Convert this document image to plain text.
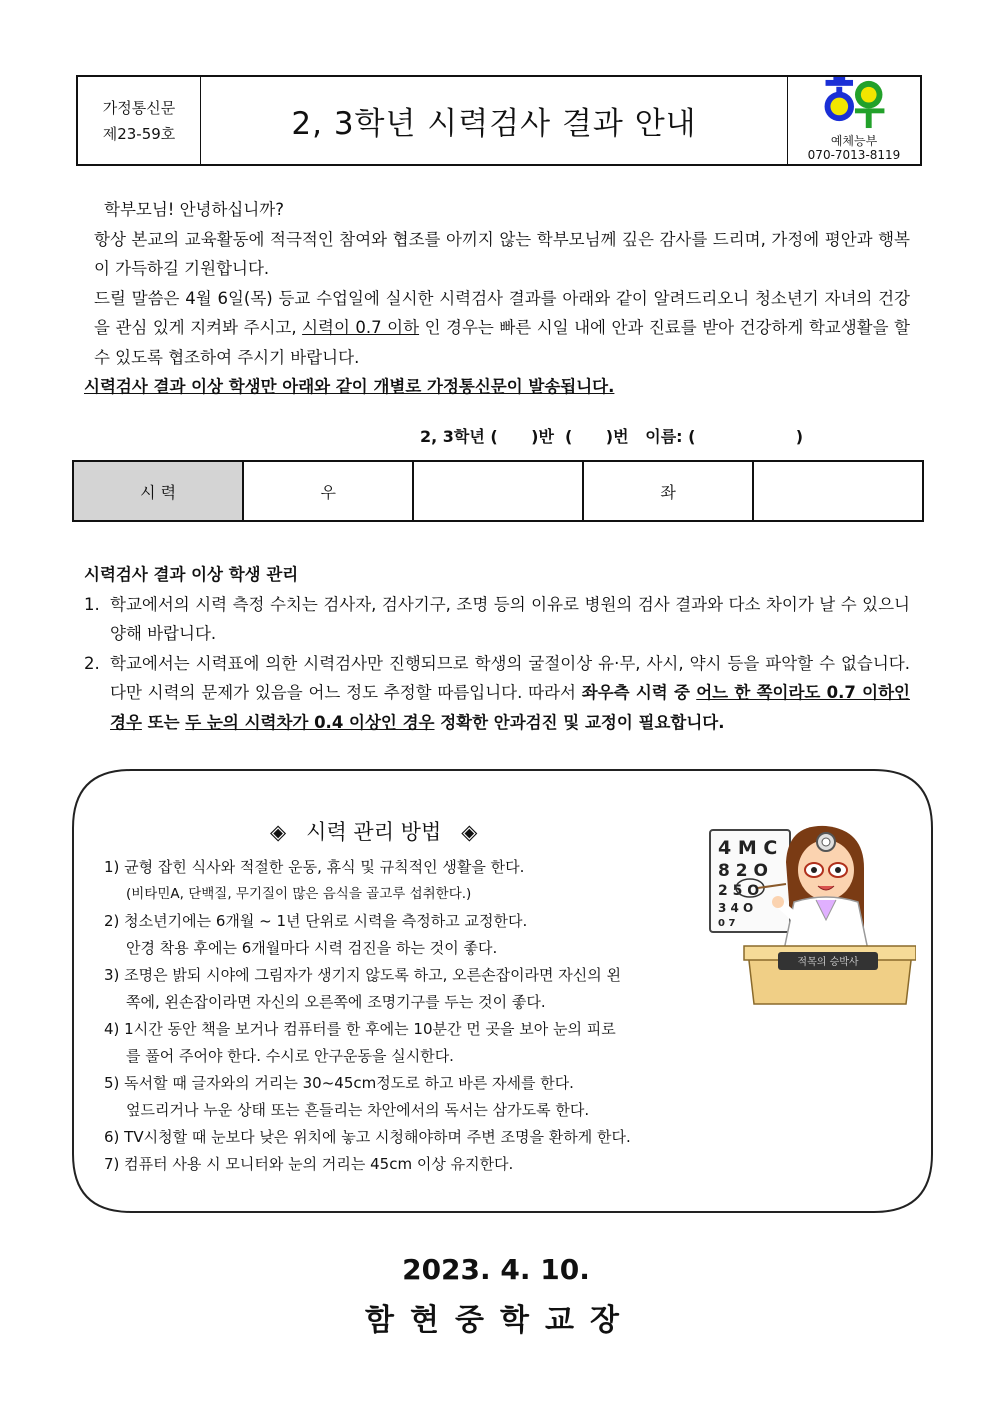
가정통신문
제23-59호	2, 3학년 시력검사 결과 안내	예체능부
070-7013-8119

학부모님! 안녕하십니까?

항상 본교의 교육활동에 적극적인 참여와 협조를 아끼지 않는 학부모님께 깊은 감사를 드리며, 가정에 평안과 행복이 가득하길 기원합니다.

드릴 말씀은 4월 6일(목) 등교 수업일에 실시한 시력검사 결과를 아래와 같이 알려드리오니 청소년기 자녀의 건강을 관심 있게 지켜봐 주시고, 시력이 0.7 이하 인 경우는 빠른 시일 내에 안과 진료를 받아 건강하게 학교생활을 할 수 있도록 협조하여 주시기 바랍니다.

시력검사 결과 이상 학생만 아래와 같이 개별로 가정통신문이 발송됩니다.

2, 3학년 (      )반  (      )번   이름: (                  )
시 력	우		좌	
시력검사 결과 이상 학생 관리
1. 학교에서의 시력 측정 수치는 검사자, 검사기구, 조명 등의 이유로 병원의 검사 결과와 다소 차이가 날 수 있으니 양해 바랍니다.
2. 학교에서는 시력표에 의한 시력검사만 진행되므로 학생의 굴절이상 유·무, 사시, 약시 등을 파악할 수 없습니다. 다만 시력의 문제가 있음을 어느 정도 추정할 따름입니다. 따라서 좌우측 시력 중 어느 한 쪽이라도 0.7 이하인 경우 또는 두 눈의 시력차가 0.4 이상인 경우 정확한 안과검진 및 교정이 필요합니다.
◈   시력 관리 방법   ◈

1) 균형 잡힌 식사와 적절한 운동, 휴식 및 규칙적인 생활을 한다.

(비타민A, 단백질, 무기질이 많은 음식을 골고루 섭취한다.)

2) 청소년기에는 6개월 ~ 1년 단위로 시력을 측정하고 교정한다.

안경 착용 후에는 6개월마다 시력 검진을 하는 것이 좋다.

3) 조명은 밝되 시야에 그림자가 생기지 않도록 하고, 오른손잡이라면 자신의 왼

쪽에, 왼손잡이라면 자신의 오른쪽에 조명기구를 두는 것이 좋다.

4) 1시간 동안 책을 보거나 컴퓨터를 한 후에는 10분간 먼 곳을 보아 눈의 피로

를 풀어 주어야 한다. 수시로 안구운동을 실시한다.

5) 독서할 때 글자와의 거리는 30~45cm정도로 하고 바른 자세를 한다.

엎드리거나 누운 상태 또는 흔들리는 차안에서의 독서는 삼가도록 한다.

6) TV시청할 때 눈보다 낮은 위치에 놓고 시청해야하며 주변 조명을 환하게 한다.

7) 컴퓨터 사용 시 모니터와 눈의 거리는 45cm 이상 유지한다.

4 M C
8 2 O
2 5 O
3 4 O
0 7
적목의 승박사
2023. 4. 10.
함현중학교장
